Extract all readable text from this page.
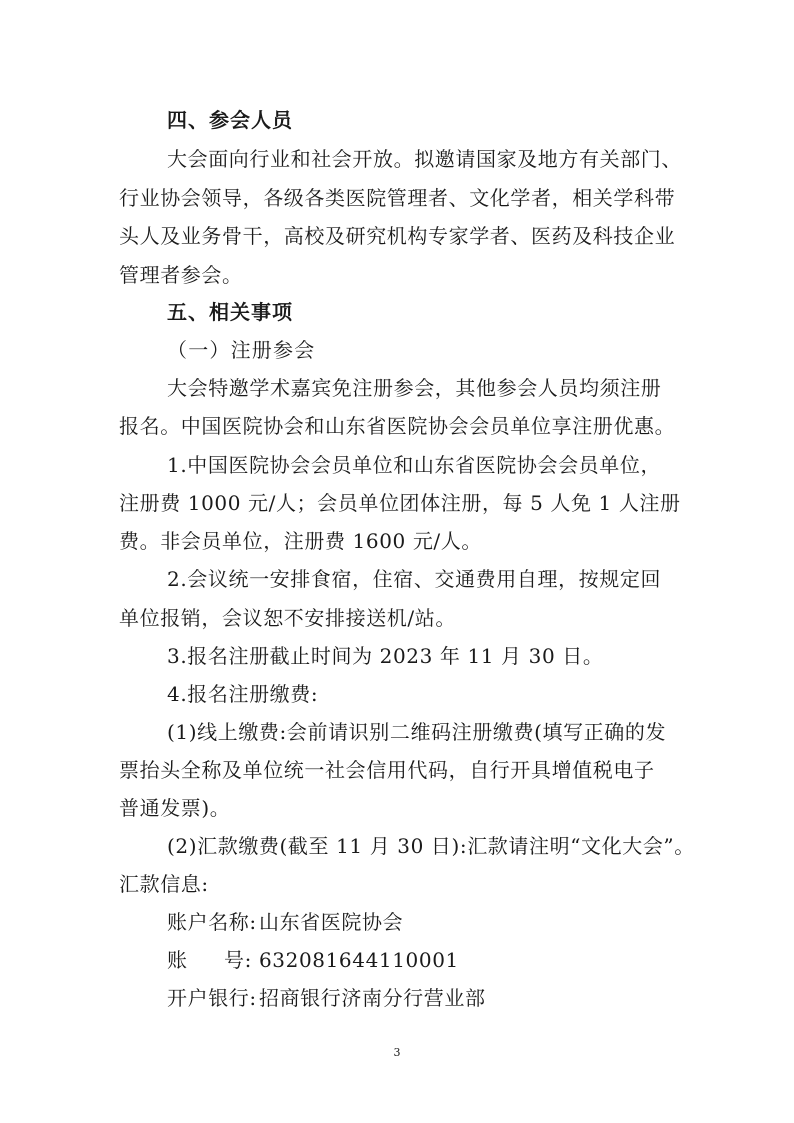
四、参会人员
大会面向行业和社会开放。拟邀请国家及地方有关部门、
行业协会领导，各级各类医院管理者、文化学者，相关学科带
头人及业务骨干，高校及研究机构专家学者、医药及科技企业
管理者参会。
五、相关事项
（一）注册参会
大会特邀学术嘉宾免注册参会，其他参会人员均须注册
报名。中国医院协会和山东省医院协会会员单位享注册优惠。
1.中国医院协会会员单位和山东省医院协会会员单位，
注册费 1000 元/人；会员单位团体注册，每 5 人免 1 人注册
费。非会员单位，注册费 1600 元/人。
2.会议统一安排食宿，住宿、交通费用自理，按规定回
单位报销，会议恕不安排接送机/站。
3.报名注册截止时间为 2023 年 11 月 30 日。
4.报名注册缴费:
(1)线上缴费:会前请识别二维码注册缴费(填写正确的发
票抬头全称及单位统一社会信用代码，自行开具增值税电子
普通发票)。
(2)汇款缴费(截至 11 月 30 日):汇款请注明“文化大会”。
汇款信息:
账户名称: 山东省医院协会
账 号: 632081644110001
开户银行: 招商银行济南分行营业部
3
